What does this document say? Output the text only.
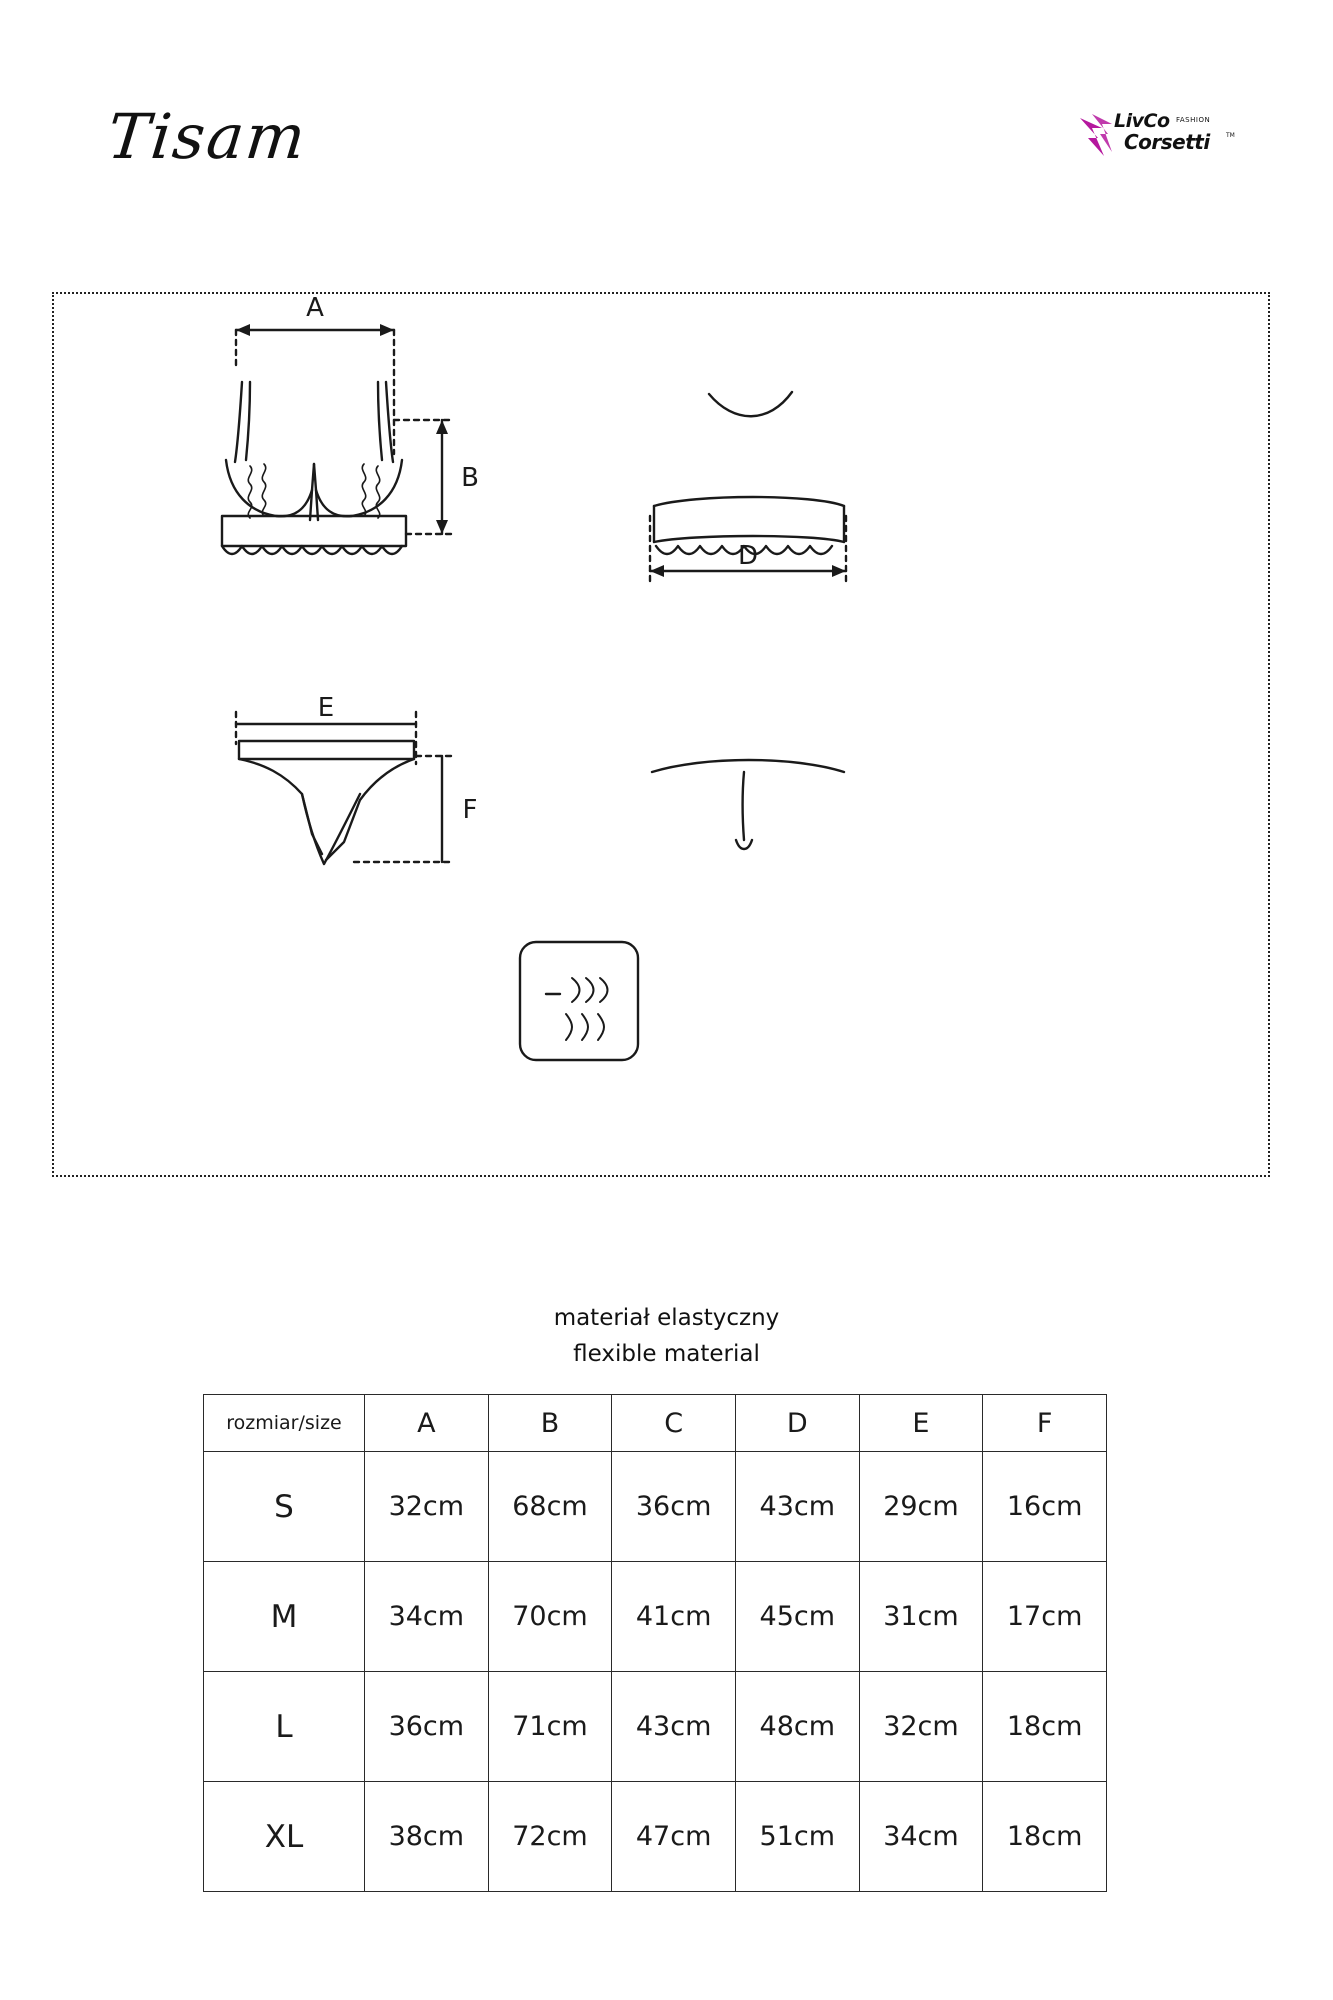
Tisam	LivCo FASHION
Corsetti	TM
A
B
D
E
F
materiał elastyczny
flexible material
rozmiar/size	A	B	C	D	E	F
S	32cm	68cm	36cm	43cm	29cm	16cm
M	34cm	70cm	41cm	45cm	31cm	17cm
L	36cm	71cm	43cm	48cm	32cm	18cm
XL	38cm	72cm	47cm	51cm	34cm	18cm
